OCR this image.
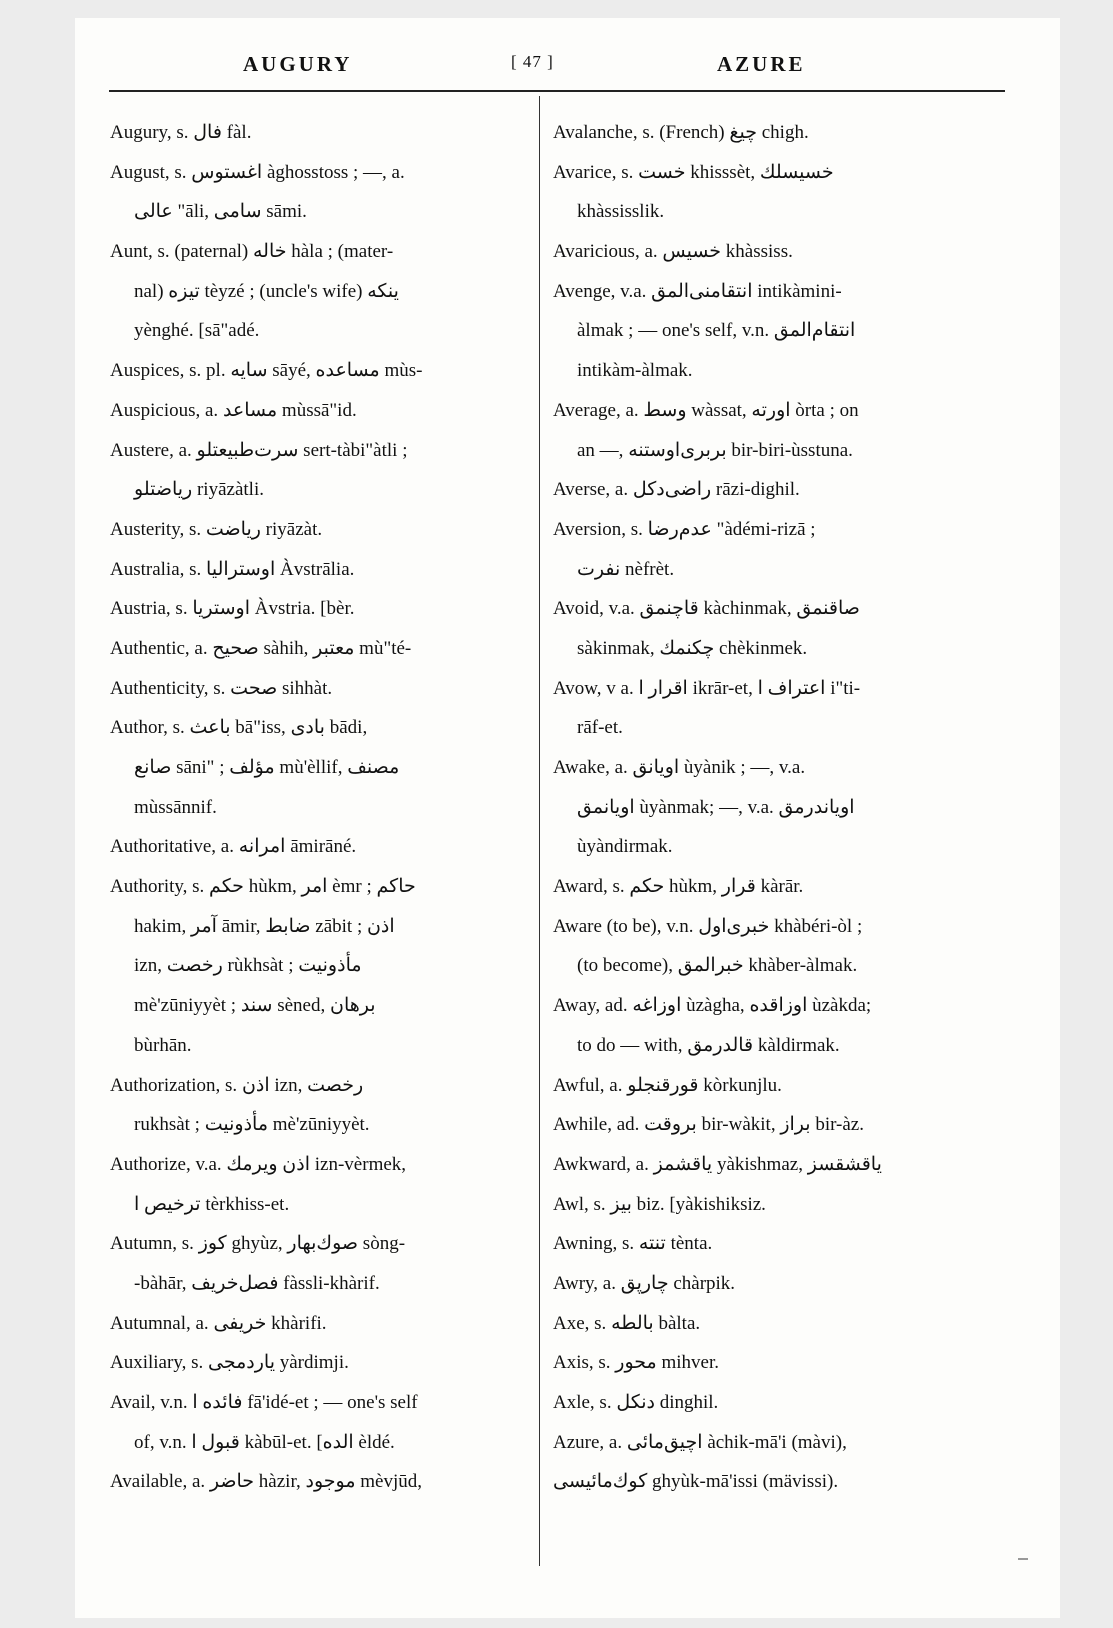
AUGURY	[ 47 ]	AZURE
Augury, s. فال fàl.
August, s. اغستوس àghosstoss ; —, a.
عالی "āli, سامی sāmi.
Aunt, s. (paternal) خاله hàla ; (mater-
nal) تیزه tèyzé ; (uncle's wife) ینکه
yènghé. [sā"adé.
Auspices, s. pl. سایه sāyé, مساعده mùs-
Auspicious, a. مساعد mùssā"id.
Austere, a. سرت‌طبیعتلو sert-tàbi"àtli ;
ریاضتلو riyāzàtli.
Austerity, s. ریاضت riyāzàt.
Australia, s. اوستراليا Àvstrālia.
Austria, s. اوستريا Àvstria. [bèr.
Authentic, a. صحیح sàhih, معتبر mù"té-
Authenticity, s. صحت sihhàt.
Author, s. باعث bā"iss, بادی bādi,
صانع sāni" ; مؤلف mù'èllif, مصنف
mùssānnif.
Authoritative, a. امرانه āmirāné.
Authority, s. حکم hùkm, امر èmr ; حاکم
hakim, آمر āmir, ضابط zābit ; اذن
izn, رخصت rùkhsàt ; مأذونیت
mè'zūniyyèt ; سند sèned, برهان
bùrhān.
Authorization, s. اذن izn, رخصت
rukhsàt ; مأذونیت mè'zūniyyèt.
Authorize, v.a. اذن ویرمك izn-vèrmek,
ترخیص ا tèrkhiss-et.
Autumn, s. كوز ghyùz, صوك‌بهار sòng-
-bàhār, فصل‌خریف fàssli-khàrif.
Autumnal, a. خریفی khàrifi.
Auxiliary, s. یاردمجی yàrdimji.
Avail, v.n. فائده ا fā'idé-et ; — one's self
of, v.n. قبول ا kàbūl-et. [الده èldé.
Available, a. حاضر hàzir, موجود mèvjūd,
Avalanche, s. (French) چیغ chigh.
Avarice, s. خست khisssèt, خسیسلك
khàssisslik.
Avaricious, a. خسیس khàssiss.
Avenge, v.a. انتقامنی‌المق intikàmini-
àlmak ; — one's self, v.n. انتقام‌المق
intikàm-àlmak.
Average, a. وسط wàssat, اورته òrta ; on
an —, بربری‌اوستنه bir-biri-ùsstuna.
Averse, a. راضی‌دکل rāzi-dighil.
Aversion, s. عدم‌رضا "àdémi-rizā ;
نفرت nèfrèt.
Avoid, v.a. قاچنمق kàchinmak, صاقنمق
sàkinmak, چکنمك chèkinmek.
Avow, v a. اقرار ا ikrār-et, اعتراف ا i"ti-
rāf-et.
Awake, a. اویانق ùyànik ; —, v.a.
اویانمق ùyànmak; —, v.a. اویاندرمق
ùyàndirmak.
Award, s. حکم hùkm, قرار kàrār.
Aware (to be), v.n. خبری‌اول khàbéri-òl ;
(to become), خبرالمق khàber-àlmak.
Away, ad. اوزاغه ùzàgha, اوزاقده ùzàkda;
to do — with, قالدرمق kàldirmak.
Awful, a. قورقنجلو kòrkunjlu.
Awhile, ad. بروقت bir-wàkit, براز bir-àz.
Awkward, a. یاقشمز yàkishmaz, یاقشقسز
Awl, s. بیز biz. [yàkishiksiz.
Awning, s. تنته tènta.
Awry, a. چارپق chàrpik.
Axe, s. بالطه bàlta.
Axis, s. محور mihver.
Axle, s. دنكل dinghil.
Azure, a. اچیق‌مائی àchik-mā'i (màvi),
كوك‌مائیسی ghyùk-mā'issi (mävissi).
